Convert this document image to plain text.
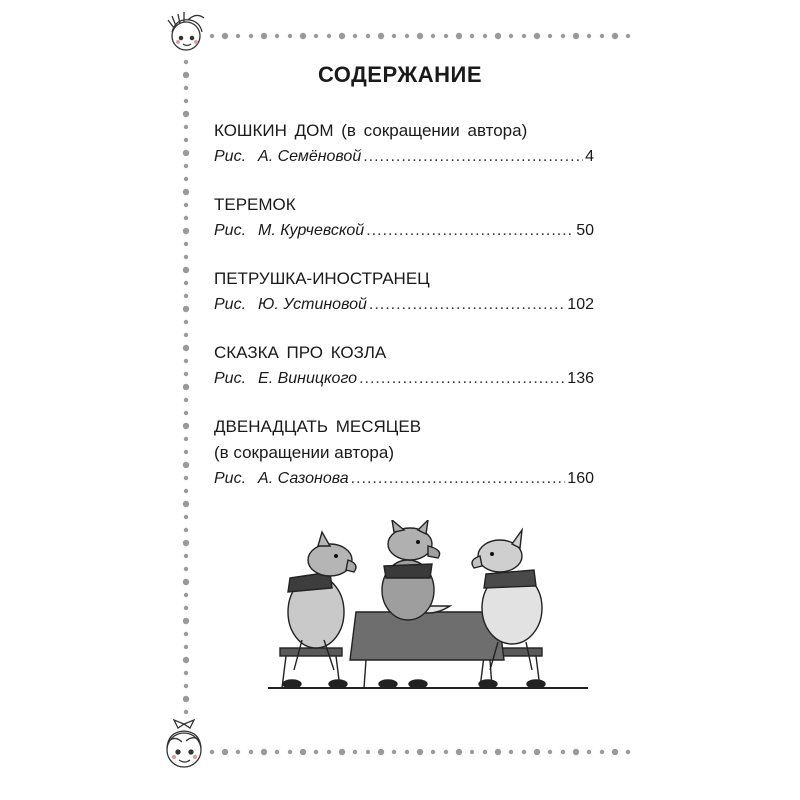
СОДЕРЖАНИЕ
КОШКИН ДОМ (в сокращении автора)
Рис. А. Семёновой .....	4
ТЕРЕМОК
Рис. М. Курчевской .....	50
ПЕТРУШКА-ИНОСТРАНЕЦ
Рис. Ю. Устиновой .....	102
СКАЗКА ПРО КОЗЛА
Рис. Е. Виницкого .....	136
ДВЕНАДЦАТЬ МЕСЯЦЕВ
(в сокращении автора)
Рис. А. Сазонова .....	160
